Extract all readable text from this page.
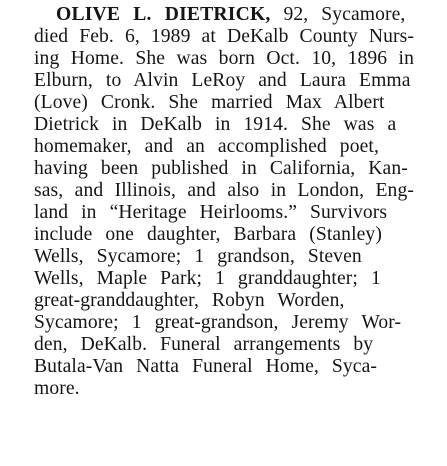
OLIVE L. DIETRICK, 92, Sycamore,
died Feb. 6, 1989 at DeKalb County Nurs-
ing Home. She was born Oct. 10, 1896 in
Elburn, to Alvin LeRoy and Laura Emma
(Love) Cronk. She married Max Albert
Dietrick in DeKalb in 1914. She was a
homemaker, and an accomplished poet,
having been published in California, Kan-
sas, and Illinois, and also in London, Eng-
land in “Heritage Heirlooms.” Survivors
include one daughter, Barbara (Stanley)
Wells, Sycamore; 1 grandson, Steven
Wells, Maple Park; 1 granddaughter; 1
great-granddaughter, Robyn Worden,
Sycamore; 1 great-grandson, Jeremy Wor-
den, DeKalb. Funeral arrangements by
Butala-Van Natta Funeral Home, Syca-
more.
